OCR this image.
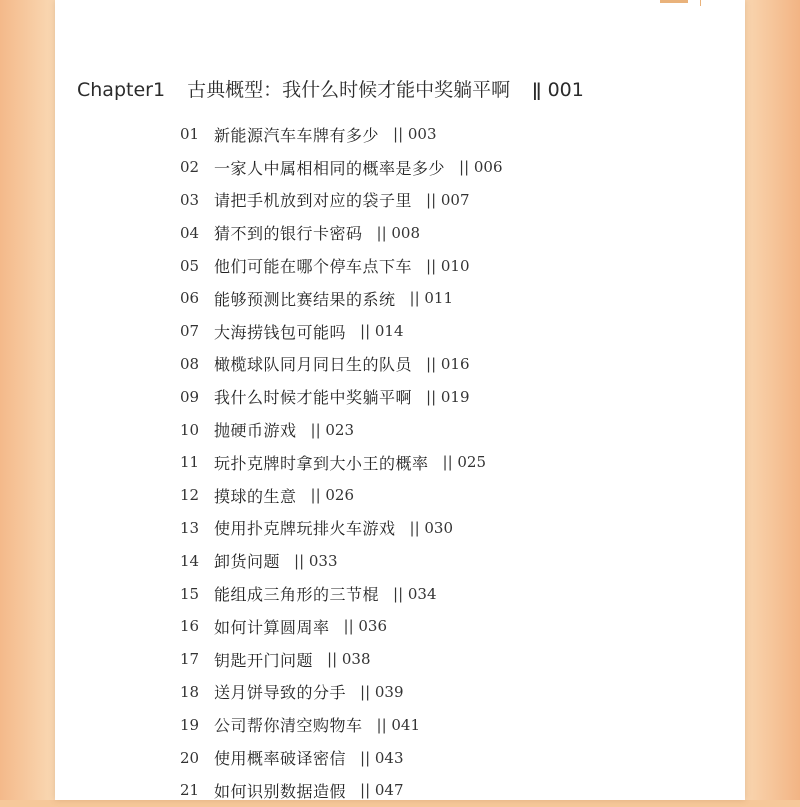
Chapter1 古典概型：我什么时候才能中奖躺平啊 ǁ 001
01 新能源汽车车牌有多少 || 003
02 一家人中属相相同的概率是多少 || 006
03 请把手机放到对应的袋子里 || 007
04 猜不到的银行卡密码 || 008
05 他们可能在哪个停车点下车 || 010
06 能够预测比赛结果的系统 || 011
07 大海捞钱包可能吗 || 014
08 橄榄球队同月同日生的队员 || 016
09 我什么时候才能中奖躺平啊 || 019
10 抛硬币游戏 || 023
11 玩扑克牌时拿到大小王的概率 || 025
12 摸球的生意 || 026
13 使用扑克牌玩排火车游戏 || 030
14 卸货问题 || 033
15 能组成三角形的三节棍 || 034
16 如何计算圆周率 || 036
17 钥匙开门问题 || 038
18 送月饼导致的分手 || 039
19 公司帮你清空购物车 || 041
20 使用概率破译密信 || 043
21 如何识别数据造假 || 047
